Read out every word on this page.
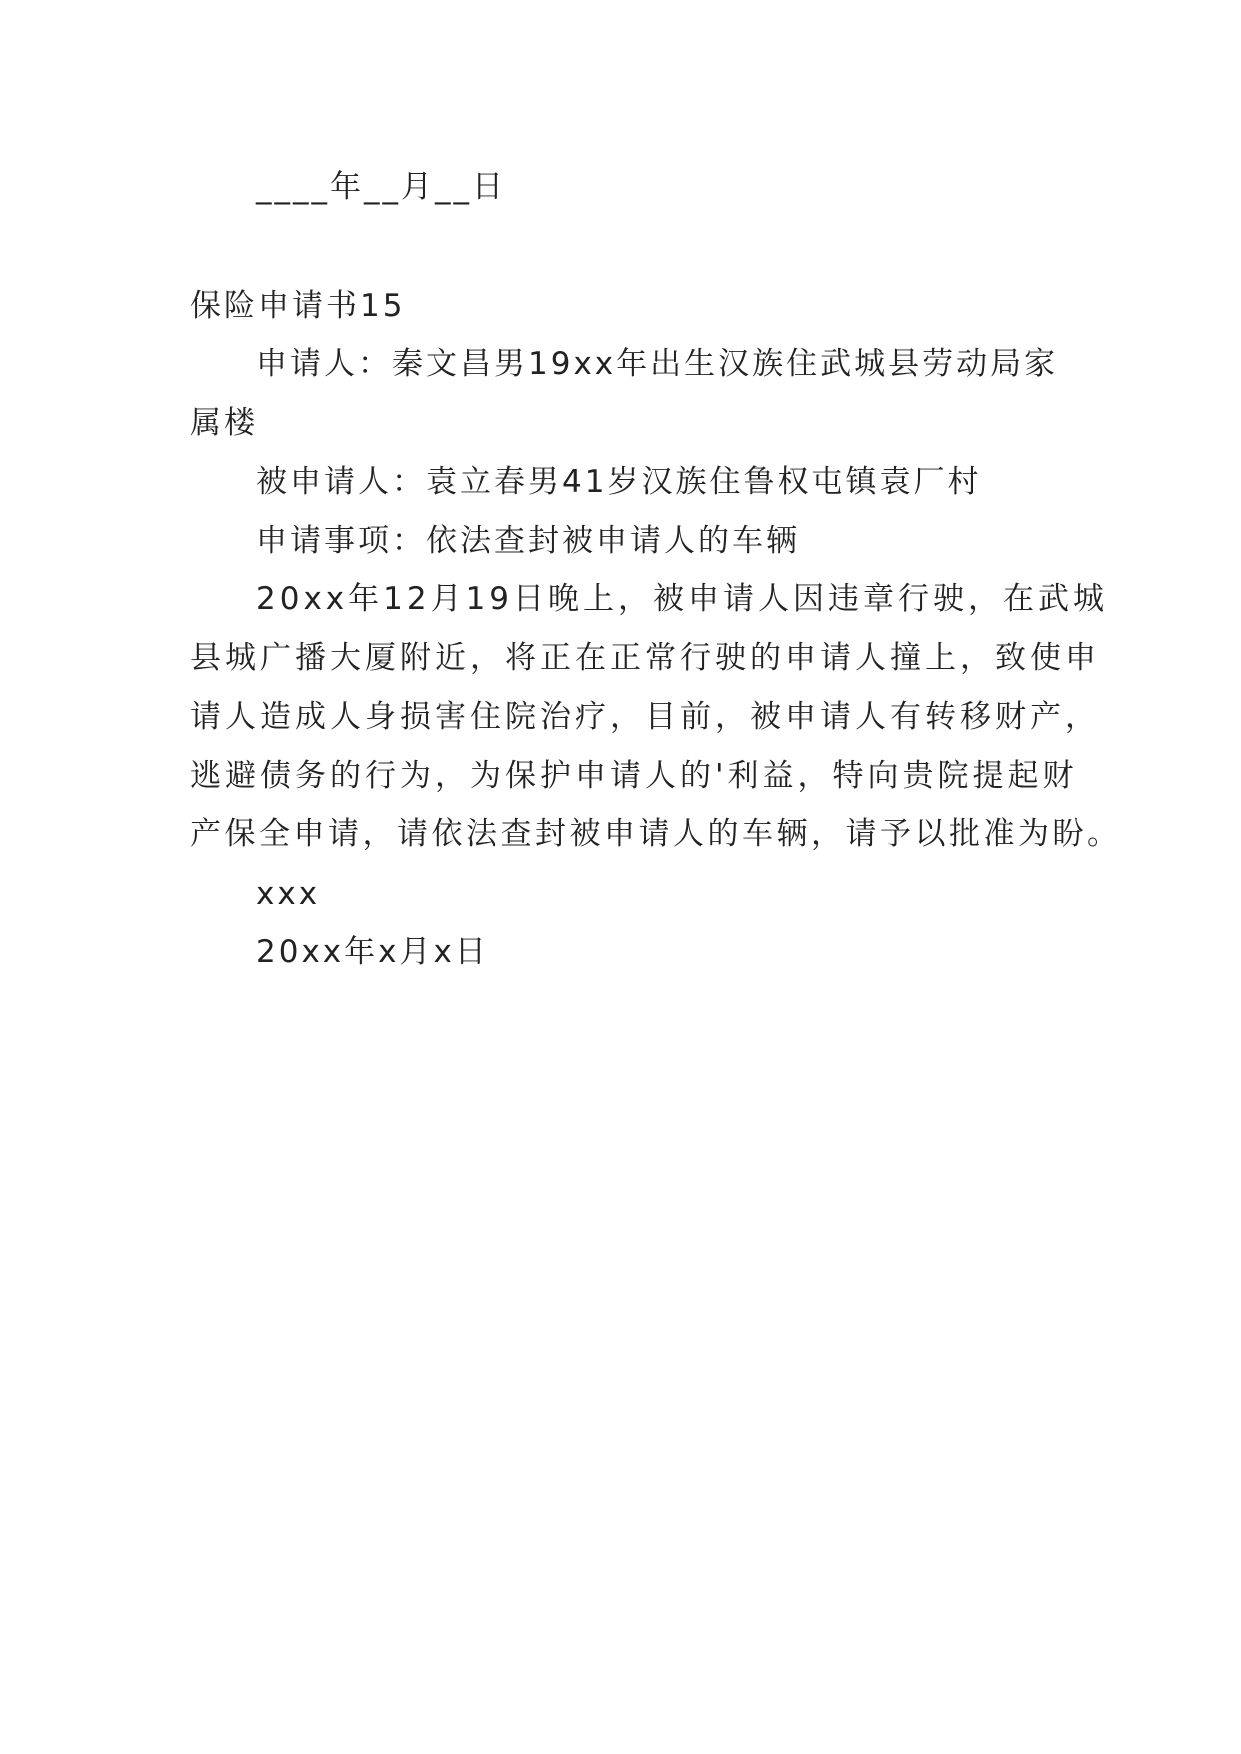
____年__月__日
保险申请书15
申请人：秦文昌男19xx年出生汉族住武城县劳动局家
属楼
被申请人：袁立春男41岁汉族住鲁权屯镇袁厂村
申请事项：依法查封被申请人的车辆
20xx年12月19日晚上，被申请人因违章行驶，在武城
县城广播大厦附近，将正在正常行驶的申请人撞上，致使申
请人造成人身损害住院治疗，目前，被申请人有转移财产，
逃避债务的行为，为保护申请人的'利益，特向贵院提起财
产保全申请，请依法查封被申请人的车辆，请予以批准为盼。
xxx
20xx年x月x日
